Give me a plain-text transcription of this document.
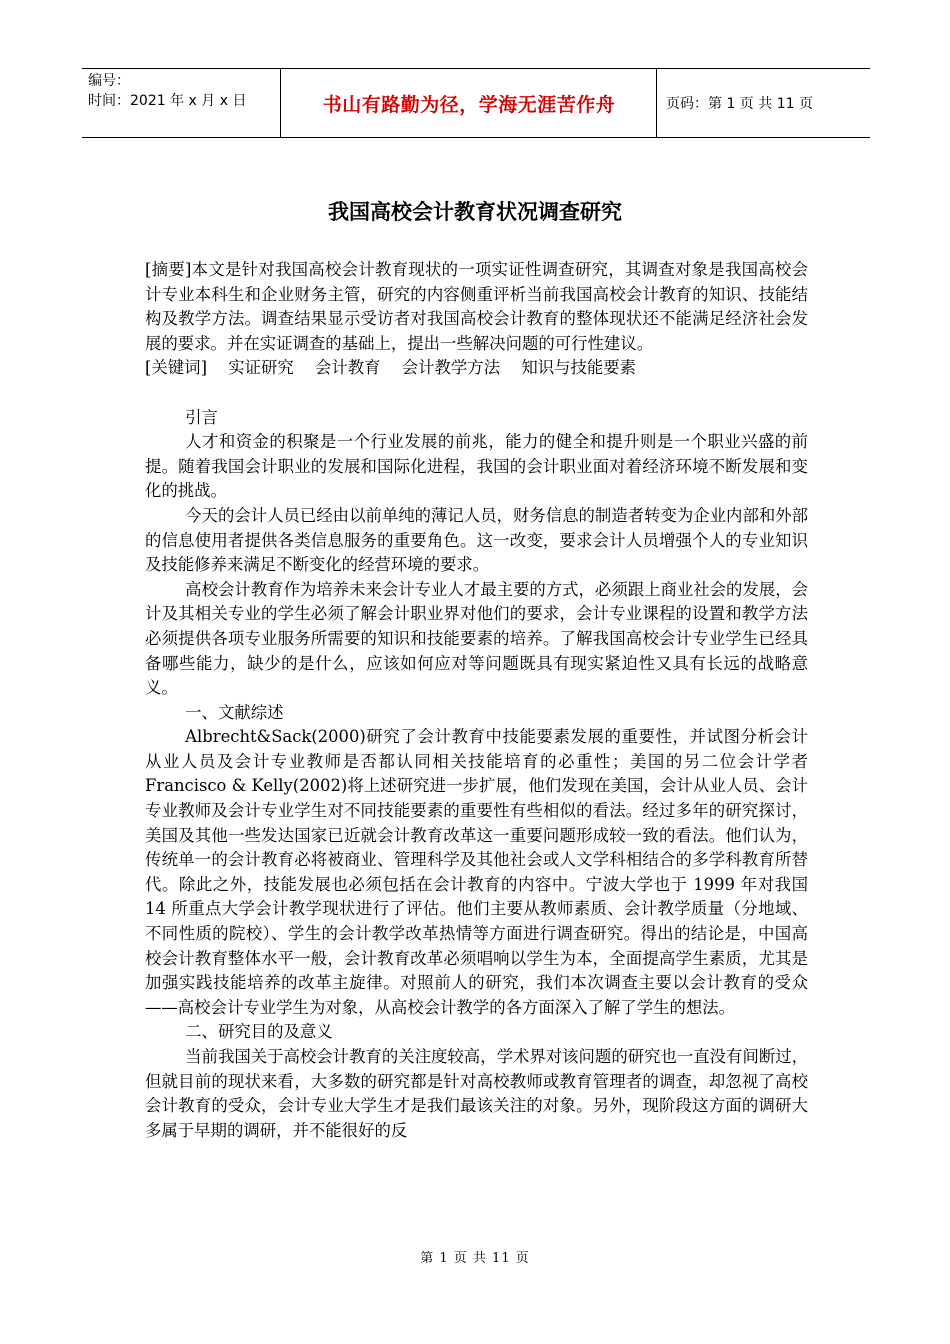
编号：
时间：2021 年 x 月 x 日	书山有路勤为径，学海无涯苦作舟	页码：第 1 页 共 11 页
我国高校会计教育状况调查研究

[摘要]本文是针对我国高校会计教育现状的一项实证性调查研究，其调查对象是我国高校会计专业本科生和企业财务主管，研究的内容侧重评析当前我国高校会计教育的知识、技能结构及教学方法。调查结果显示受访者对我国高校会计教育的整体现状还不能满足经济社会发展的要求。并在实证调查的基础上，提出一些解决问题的可行性建议。

[关键词] 实证研究 会计教育 会计教学方法 知识与技能要素

引言

人才和资金的积聚是一个行业发展的前兆，能力的健全和提升则是一个职业兴盛的前提。随着我国会计职业的发展和国际化进程，我国的会计职业面对着经济环境不断发展和变化的挑战。

今天的会计人员已经由以前单纯的薄记人员，财务信息的制造者转变为企业内部和外部的信息使用者提供各类信息服务的重要角色。这一改变，要求会计人员增强个人的专业知识及技能修养来满足不断变化的经营环境的要求。

高校会计教育作为培养未来会计专业人才最主要的方式，必须跟上商业社会的发展，会计及其相关专业的学生必须了解会计职业界对他们的要求，会计专业课程的设置和教学方法必须提供各项专业服务所需要的知识和技能要素的培养。了解我国高校会计专业学生已经具备哪些能力，缺少的是什么，应该如何应对等问题既具有现实紧迫性又具有长远的战略意义。

一、文献综述

Albrecht&Sack(2000)研究了会计教育中技能要素发展的重要性，并试图分析会计从业人员及会计专业教师是否都认同相关技能培育的必重性；美国的另二位会计学者 Francisco & Kelly(2002)将上述研究进一步扩展，他们发现在美国，会计从业人员、会计专业教师及会计专业学生对不同技能要素的重要性有些相似的看法。经过多年的研究探讨，美国及其他一些发达国家已近就会计教育改革这一重要问题形成较一致的看法。他们认为，传统单一的会计教育必将被商业、管理科学及其他社会或人文学科相结合的多学科教育所替代。除此之外，技能发展也必须包括在会计教育的内容中。宁波大学也于 1999 年对我国 14 所重点大学会计教学现状进行了评估。他们主要从教师素质、会计教学质量（分地域、不同性质的院校）、学生的会计教学改革热情等方面进行调查研究。得出的结论是，中国高校会计教育整体水平一般，会计教育改革必须唱响以学生为本，全面提高学生素质，尤其是加强实践技能培养的改革主旋律。对照前人的研究，我们本次调查主要以会计教育的受众——高校会计专业学生为对象，从高校会计教学的各方面深入了解了学生的想法。

二、研究目的及意义

当前我国关于高校会计教育的关注度较高，学术界对该问题的研究也一直没有间断过，但就目前的现状来看，大多数的研究都是针对高校教师或教育管理者的调查，却忽视了高校会计教育的受众，会计专业大学生才是我们最该关注的对象。另外，现阶段这方面的调研大多属于早期的调研，并不能很好的反

第 1 页 共 11 页
